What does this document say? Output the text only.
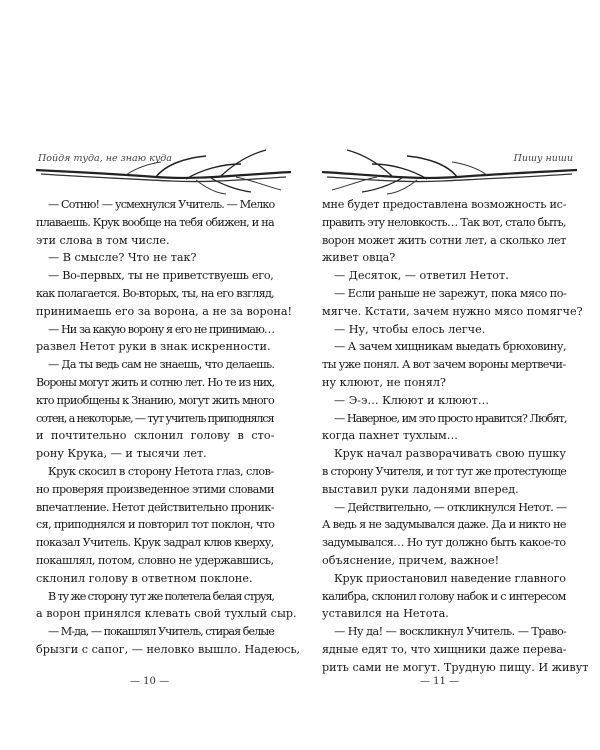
Пойдя туда, не знаю куда
— Сотню! — усмехнулся Учитель. — Мелко
плаваешь. Крук вообще на тебя обижен, и на
эти слова в том числе.
— В смысле? Что не так?
— Во-первых, ты не приветствуешь его,
как полагается. Во-вторых, ты, на его взгляд,
принимаешь его за ворона, а не за ворона!
— Ни за какую ворону я его не принимаю…
развел Нетот руки в знак искренности.
— Да ты ведь сам не знаешь, что делаешь.
Вороны могут жить и сотню лет. Но те из них,
кто приобщены к Знанию, могут жить много
сотен, а некоторые, — тут учитель приподнялся
и почтительно склонил голову в сто-
рону Крука, — и тысячи лет.
Крук скосил в сторону Нетота глаз, слов-
но проверяя произведенное этими словами
впечатление. Нетот действительно проник-
ся, приподнялся и повторил тот поклон, что
показал Учитель. Крук задрал клюв кверху,
покашлял, потом, словно не удержавшись,
склонил голову в ответном поклоне.
В ту же сторону тут же полетела белая струя,
а ворон принялся клевать свой тухлый сыр.
— М-да, — покашлял Учитель, стирая белые
брызги с сапог, — неловко вышло. Надеюсь,
— 10 —
Пишу ниши
мне будет предоставлена возможность ис-
править эту неловкость… Так вот, стало быть,
ворон может жить сотни лет, а сколько лет
живет овца?
— Десяток, — ответил Нетот.
— Если раньше не зарежут, пока мясо по-
мягче. Кстати, зачем нужно мясо помягче?
— Ну, чтобы елось легче.
— А зачем хищникам выедать брюховину,
ты уже понял. А вот зачем вороны мертвечи-
ну клюют, не понял?
— Э-э… Клюют и клюют…
— Наверное, им это просто нравится? Любят,
когда пахнет тухлым…
Крук начал разворачивать свою пушку
в сторону Учителя, и тот тут же протестующе
выставил руки ладонями вперед.
— Действительно, — откликнулся Нетот. —
А ведь я не задумывался даже. Да и никто не
задумывался… Но тут должно быть какое-то
объяснение, причем, важное!
Крук приостановил наведение главного
калибра, склонил голову набок и с интересом
уставился на Нетота.
— Ну да! — воскликнул Учитель. — Траво-
ядные едят то, что хищники даже перева-
рить сами не могут. Трудную пищу. И живут
— 11 —
